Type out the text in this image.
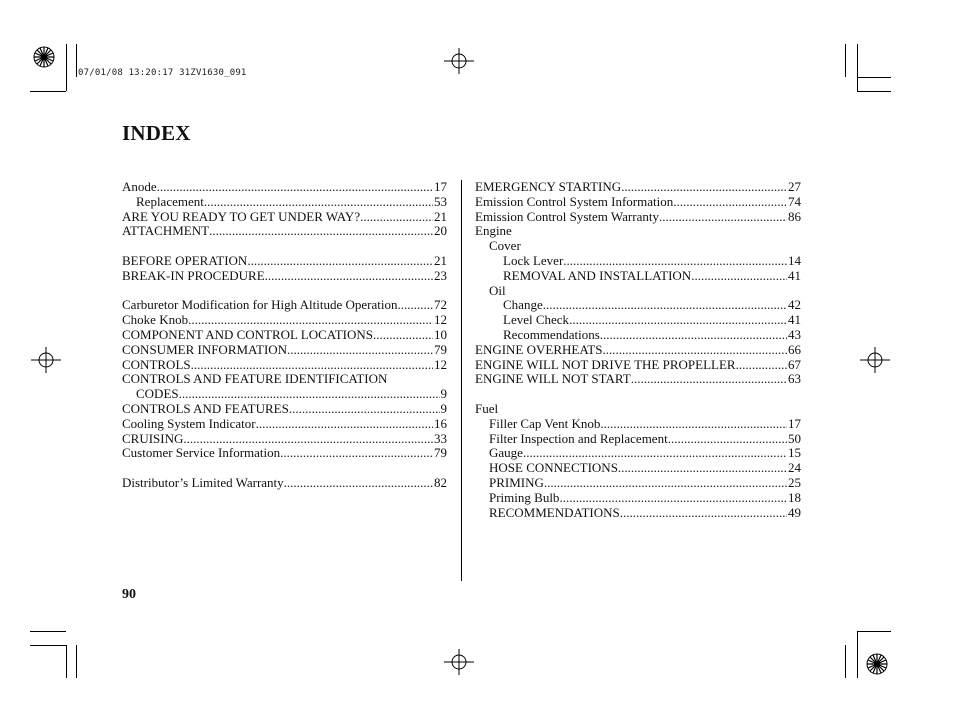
07/01/08 13:20:17 31ZV1630_091
INDEX
Anode .....	17
Replacement .....	53
ARE YOU READY TO GET UNDER WAY? .....	21
ATTACHMENT .....	20
BEFORE OPERATION .....	21
BREAK-IN PROCEDURE .....	23
Carburetor Modification for High Altitude Operation .....	72
Choke Knob .....	12
COMPONENT AND CONTROL LOCATIONS .....	10
CONSUMER INFORMATION .....	79
CONTROLS .....	12
CONTROLS AND FEATURE IDENTIFICATION
CODES .....	9
CONTROLS AND FEATURES .....	9
Cooling System Indicator .....	16
CRUISING .....	33
Customer Service Information .....	79
Distributor’s Limited Warranty .....	82
EMERGENCY STARTING .....	27
Emission Control System Information .....	74
Emission Control System Warranty .....	86
Engine
Cover
Lock Lever .....	14
REMOVAL AND INSTALLATION .....	41
Oil
Change .....	42
Level Check .....	41
Recommendations .....	43
ENGINE OVERHEATS .....	66
ENGINE WILL NOT DRIVE THE PROPELLER .....	67
ENGINE WILL NOT START .....	63
Fuel
Filler Cap Vent Knob .....	17
Filter Inspection and Replacement .....	50
Gauge .....	15
HOSE CONNECTIONS .....	24
PRIMING .....	25
Priming Bulb .....	18
RECOMMENDATIONS .....	49
90
